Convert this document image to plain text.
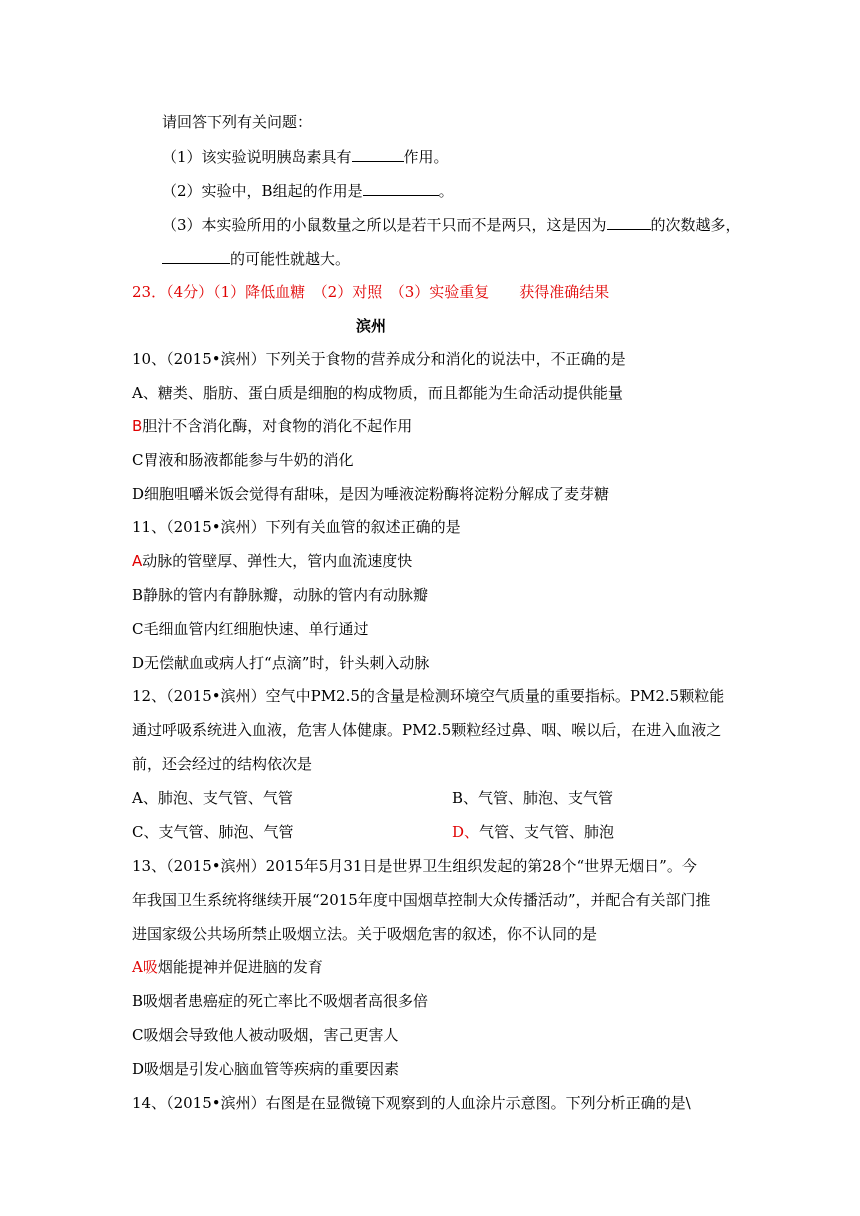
请回答下列有关问题：
（1）该实验说明胰岛素具有	作用。
（2）实验中，B组起的作用是	。
（3）本实验所用的小鼠数量之所以是若干只而不是两只，这是因为	的次数越多，
的可能性就越大。
23．（4分）（1）降低血糖　（2）对照　（3）实验重复　　获得准确结果
滨州
10、（2015•滨州）下列关于食物的营养成分和消化的说法中，不正确的是
A、糖类、脂肪、蛋白质是细胞的构成物质，而且都能为生命活动提供能量
B胆汁不含消化酶，对食物的消化不起作用
C胃液和肠液都能参与牛奶的消化
D细胞咀嚼米饭会觉得有甜味，是因为唾液淀粉酶将淀粉分解成了麦芽糖
11、（2015•滨州）下列有关血管的叙述正确的是
A动脉的管壁厚、弹性大，管内血流速度快
B静脉的管内有静脉瓣，动脉的管内有动脉瓣
C毛细血管内红细胞快速、单行通过
D无偿献血或病人打“点滴”时，针头刺入动脉
12、（2015•滨州）空气中PM2.5的含量是检测环境空气质量的重要指标。PM2.5颗粒能
通过呼吸系统进入血液，危害人体健康。PM2.5颗粒经过鼻、咽、喉以后，在进入血液之
前，还会经过的结构依次是
A、肺泡、支气管、气管	B、气管、肺泡、支气管
C、支气管、肺泡、气管	D、气管、支气管、肺泡
13、（2015•滨州）2015年5月31日是世界卫生组织发起的第28个“世界无烟日”。今
年我国卫生系统将继续开展“2015年度中国烟草控制大众传播活动”，并配合有关部门推
进国家级公共场所禁止吸烟立法。关于吸烟危害的叙述，你不认同的是
A吸烟能提神并促进脑的发育
B吸烟者患癌症的死亡率比不吸烟者高很多倍
C吸烟会导致他人被动吸烟，害己更害人
D吸烟是引发心脑血管等疾病的重要因素
14、（2015•滨州）右图是在显微镜下观察到的人血涂片示意图。下列分析正确的是\
